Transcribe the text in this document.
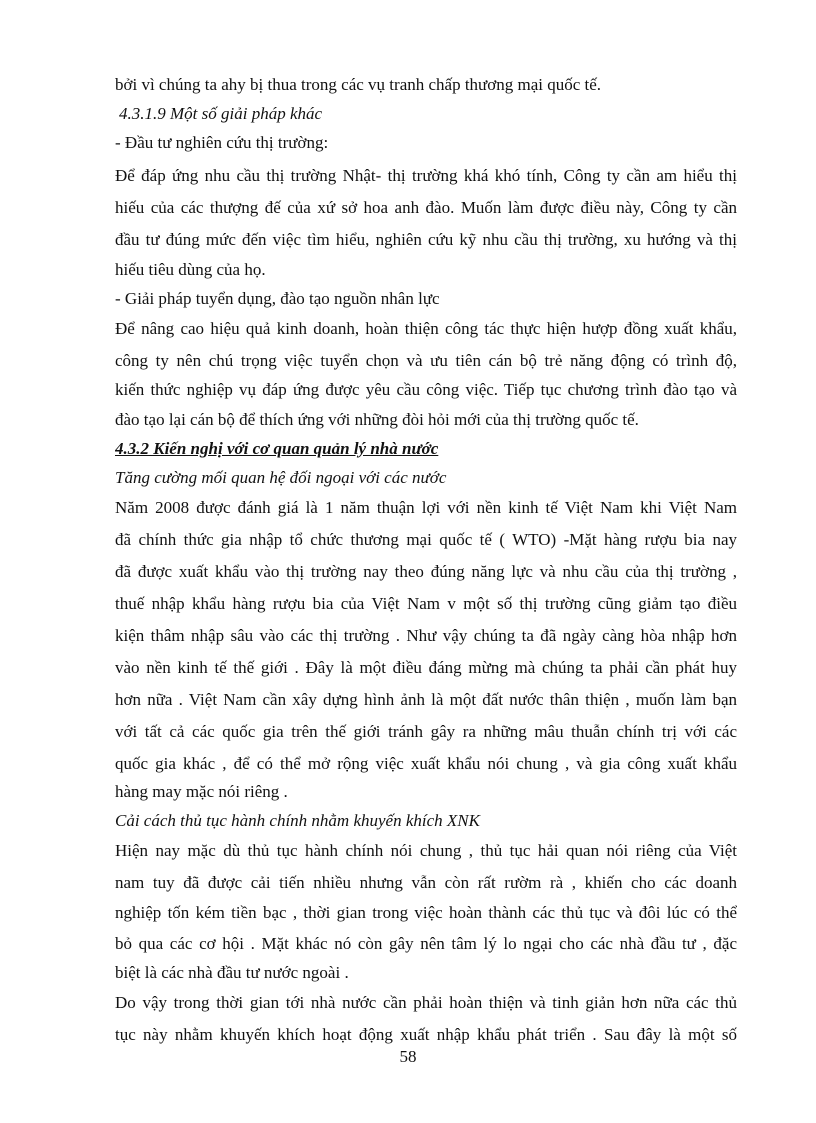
bởi vì chúng ta ahy bị thua trong các vụ tranh chấp thương mại quốc tế.
4.3.1.9 Một số giải pháp khác
- Đầu tư nghiên cứu thị trường:
Để đáp ứng nhu cầu thị trường Nhật- thị trường khá khó tính, Công ty cần am hiểu thị
hiếu của các thượng đế của xứ sở hoa anh đào. Muốn làm được điều này, Công ty cần
đầu tư đúng mức đến việc tìm hiểu, nghiên cứu kỹ nhu cầu thị trường, xu hướng và thị
hiếu tiêu dùng của họ.
- Giải pháp tuyển dụng, đào tạo nguồn nhân lực
Để nâng cao hiệu quả kinh doanh, hoàn thiện công tác thực hiện hượp đồng xuất khẩu,
công ty nên chú trọng việc tuyển chọn và ưu tiên cán bộ trẻ năng động có trình độ,
kiến thức nghiệp vụ đáp ứng được yêu cầu công việc. Tiếp tục chương trình đào tạo và
đào tạo lại cán bộ để thích ứng với những đòi hỏi mới của thị trường quốc tế.
4.3.2 Kiến nghị với cơ quan quản lý nhà nước
Tăng cường mối quan hệ đối ngoại với các nước
Năm 2008 được đánh giá là 1 năm thuận lợi với nền kinh tế Việt Nam khi Việt Nam
đã chính thức gia nhập tổ chức thương mại quốc tế ( WTO) -Mặt hàng rượu bia nay
đã được xuất khẩu vào thị trường nay theo đúng năng lực và nhu cầu của thị trường ,
thuế nhập khẩu hàng rượu bia của Việt Nam v một số thị trường cũng giảm tạo điều
kiện thâm nhập sâu vào các thị trường . Như vậy chúng ta đã ngày càng hòa nhập hơn
vào nền kinh tế thế giới . Đây là một điều đáng mừng mà chúng ta phải cần phát huy
hơn nữa . Việt Nam cần xây dựng hình ảnh là một đất nước thân thiện , muốn làm bạn
với tất cả các quốc gia trên thế giới tránh gây ra những mâu thuẫn chính trị với các
quốc gia khác , để có thể mở rộng việc xuất khẩu nói chung , và gia công xuất khẩu
hàng may mặc nói riêng .
Cải cách thủ tục hành chính nhằm khuyến khích XNK
Hiện nay mặc dù thủ tục hành chính nói chung , thủ tục hải quan nói riêng của Việt
nam tuy đã được cải tiến nhiều nhưng vẫn còn rất rườm rà , khiến cho các doanh
nghiệp tốn kém tiền bạc , thời gian trong việc hoàn thành các thủ tục và đôi lúc có thể
bỏ qua các cơ hội . Mặt khác nó còn gây nên tâm lý lo ngại cho các nhà đầu tư , đặc
biệt là các nhà đầu tư nước ngoài .
Do vậy trong thời gian tới nhà nước cần phải hoàn thiện và tinh giản hơn nữa các thủ
tục này nhằm khuyến khích hoạt động xuất nhập khẩu phát triển . Sau đây là một số
58
